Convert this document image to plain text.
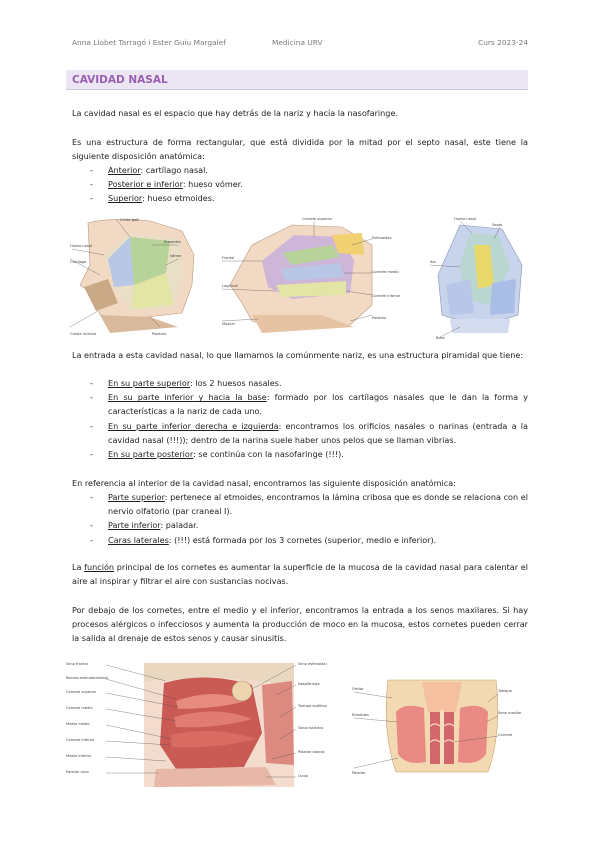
Anna Llobet Tarragó i Ester Guiu Margalef	Medicina URV	Curs 2023-24
CAVIDAD NASAL
La cavidad nasal es el espacio que hay detrás de la nariz y hacía la nasofaringe.
Es una estructura de forma rectangular, que está dividida por la mitad por el septo nasal, este tiene la siguiente disposición anatómica:
- Anterior: cartílago nasal.
- Posterior e inferior: hueso vómer.
- Superior: hueso etmoides.
Crista galli
Hueso nasal
Cartílago
Etmoides
Vómer
Cresta incisiva	Palatino
Cornete superior
Esfenoides
Frontal
Cornete medio
Lagrimal
Cornete inferior
Palatino
Maxilar
Hueso nasal
Septo
Ala
Base
La entrada a esta cavidad nasal, lo que llamamos la comúnmente nariz, es una estructura piramidal que tiene:
- En su parte superior: los 2 huesos nasales.
- En su parte inferior y hacia la base: formado por los cartílagos nasales que le dan la forma y características a la nariz de cada uno.
- En su parte inferior derecha e izquierda: encontramos los orificios nasales o narinas (entrada a la cavidad nasal (!!!)); dentro de la narina suele haber unos pelos que se llaman vibrias.
- En su parte posterior: se continúa con la nasofaringe (!!!).
En referencia al interior de la cavidad nasal, encontramos las siguiente disposición anatómica:
- Parte superior: pertenece al etmoides, encontramos la lámina cribosa que es donde se relaciona con el nervio olfatorio (par craneal I).
- Parte inferior: paladar.
- Caras laterales: (!!!) está formada por los 3 cornetes (superior, medio e inferior).
La función principal de los cornetes es aumentar la superficie de la mucosa de la cavidad nasal para calentar el aire al inspirar y filtrar el aire con sustancias nocivas.
Por debajo de los cornetes, entre el medio y el inferior, encontramos la entrada a los senos maxilares. Si hay procesos alérgicos o infecciosos y aumenta la producción de moco en la mucosa, estos cornetes pueden cerrar la salida al drenaje de estos senos y causar sinusitis.
Seno frontal
Receso esfenoetmoidal
Cornete superior
Cornete medio
Meato medio
Cornete inferior
Meato inferior
Paladar duro
Seno esfenoidal
Nasofaringe
Trompa auditiva
Torus tubárico
Paladar blando
Úvula
Órbita
Etmoides
Tabique
Seno maxilar
Cornete
Paladar
